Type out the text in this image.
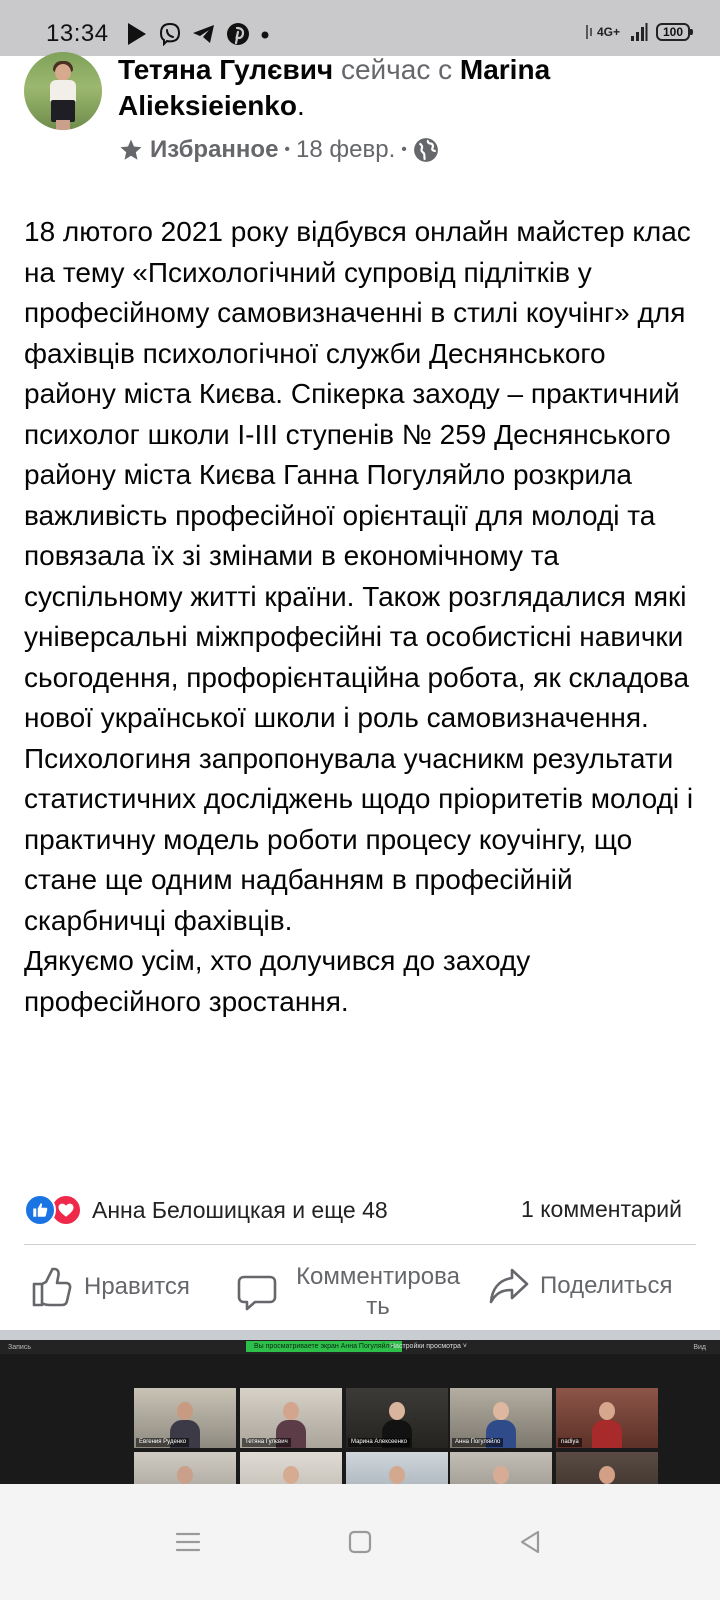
13:34	4G+	100
Тетяна Гулєвич сейчас с Marina Alieksieienko.
Избранное • 18 февр. •
18 лютого 2021 року відбувся онлайн майстер клас на тему «Психологічний супровід підлітків у професійному самовизначенні в стилі коучінг» для фахівців психологічної служби Деснянського району міста Києва. Спікерка заходу – практичний психолог школи І-ІІІ ступенів № 259 Деснянського району міста Києва Ганна Погуляйло розкрила важливість професійної орієнтації для молоді та повязала їх зі змінами в економічному та суспільному житті країни. Також розглядалися мякі універсальні міжпрофесійні та особистісні навички сьогодення, профорієнтаційна робота, як складова нової української школи і роль самовизначення. Психологиня запропонувала учасникм результати статистичних досліджень щодо пріоритетів молоді і практичну модель роботи процесу коучінгу, що стане ще одним надбанням в професійній скарбничці фахівців.
Дякуємо усім, хто долучився до заходу професійного зростання.
Анна Белошицкая и еще 48	1 комментарий
Нравится	Комментирова
ть
Поделиться
Запись	Вы просматриваете экран Анна Погуляйло
Настройки просмотра ˅	Вид
Евгения Руденко	Тетяна Гулєвич	Марина Алексеенко	Анна Погуляйло	nadiya
